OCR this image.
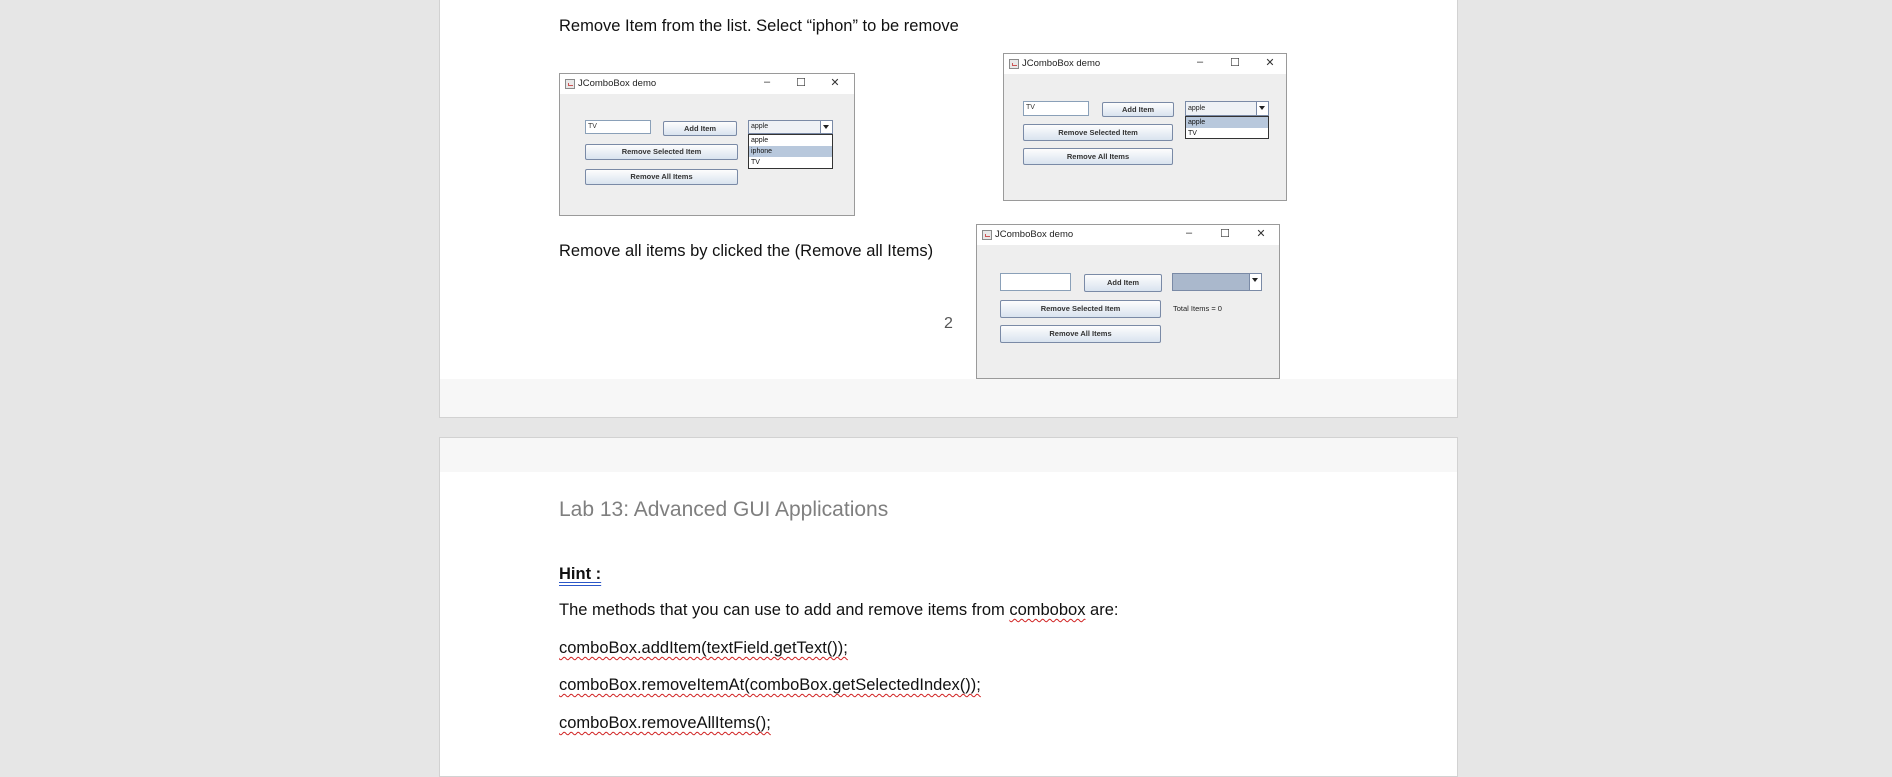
Remove Item from the list. Select “iphon” to be remove
JComboBox demo	–	☐ ✕
TV	Add Item	apple
apple
iphone
TV
Remove Selected Item
Remove All Items
JComboBox demo	–	☐ ✕
TV	Add Item	apple
apple
TV
Remove Selected Item
Remove All Items
Remove all items by clicked the (Remove all Items)
2
JComboBox demo	–	☐ ✕
Add Item
Remove Selected Item	Total Items = 0
Remove All Items
Lab 13: Advanced GUI Applications
Hint :
The methods that you can use to add and remove items from combobox are:
comboBox.addItem(textField.getText());
comboBox.removeItemAt(comboBox.getSelectedIndex());
comboBox.removeAllItems();
